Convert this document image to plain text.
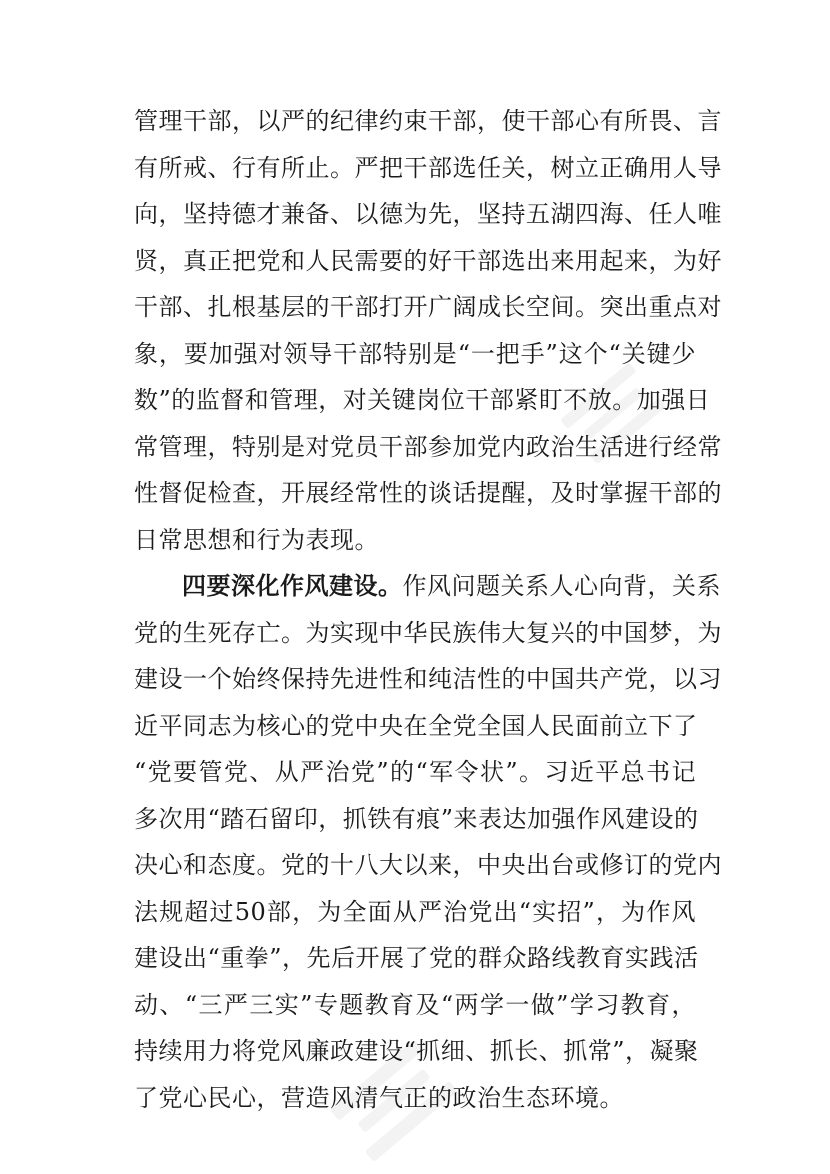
管理干部，以严的纪律约束干部，使干部心有所畏、言
有所戒、行有所止。严把干部选任关，树立正确用人导
向，坚持德才兼备、以德为先，坚持五湖四海、任人唯
贤，真正把党和人民需要的好干部选出来用起来，为好
干部、扎根基层的干部打开广阔成长空间。突出重点对
象，要加强对领导干部特别是“一把手”这个“关键少
数”的监督和管理，对关键岗位干部紧盯不放。加强日
常管理，特别是对党员干部参加党内政治生活进行经常
性督促检查，开展经常性的谈话提醒，及时掌握干部的
日常思想和行为表现。
四要深化作风建设。作风问题关系人心向背，关系
党的生死存亡。为实现中华民族伟大复兴的中国梦，为
建设一个始终保持先进性和纯洁性的中国共产党，以习
近平同志为核心的党中央在全党全国人民面前立下了
“党要管党、从严治党”的“军令状”。习近平总书记
多次用“踏石留印，抓铁有痕”来表达加强作风建设的
决心和态度。党的十八大以来，中央出台或修订的党内
法规超过50部，为全面从严治党出“实招”，为作风
建设出“重拳”，先后开展了党的群众路线教育实践活
动、“三严三实”专题教育及“两学一做”学习教育，
持续用力将党风廉政建设“抓细、抓长、抓常”，凝聚
了党心民心，营造风清气正的政治生态环境。
